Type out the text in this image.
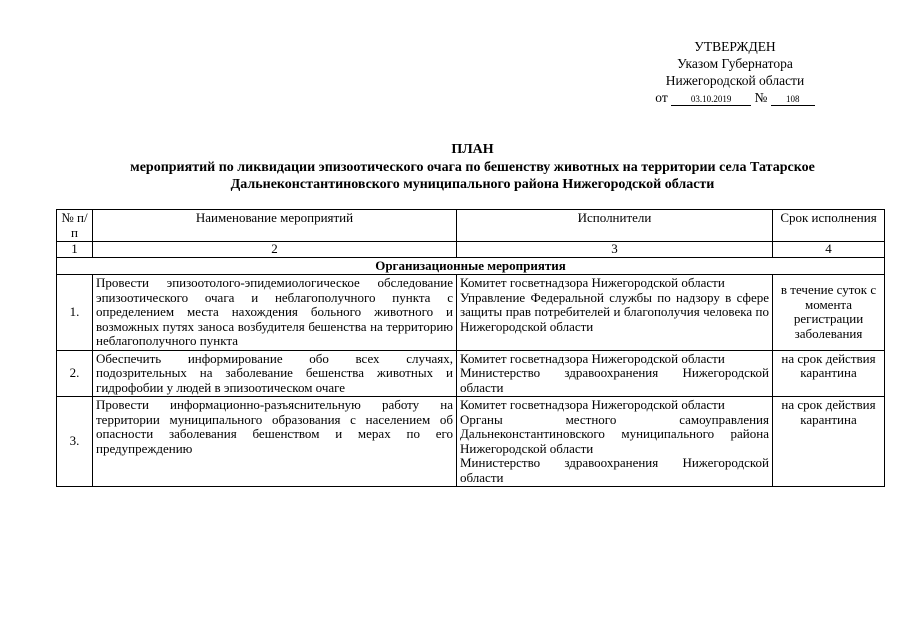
УТВЕРЖДЕН
Указом Губернатора
Нижегородской области
от	03.10.2019 № 108
ПЛАН
мероприятий по ликвидации эпизоотического очага по бешенству животных на территории села Татарское
Дальнеконстантиновского муниципального района Нижегородской области
№ п/п	Наименование мероприятий	Исполнители	Срок исполнения
1	2	3	4
Организационные мероприятия			
1.	Провести эпизоотолого-эпидемиологическое обследование эпизоотического очага и неблагополучного пункта с определением места нахождения больного животного и возможных путях заноса возбудителя бешенства на территорию неблагополучного пункта	Комитет госветнадзора Нижегородской области
Управление Федеральной службы по надзору в сфере защиты прав потребителей и благополучия человека по Нижегородской области	в течение суток с момента регистрации заболевания
2.	Обеспечить информирование обо всех случаях, подозрительных на заболевание бешенства животных и гидрофобии у людей в эпизоотическом очаге	Комитет госветнадзора Нижегородской области
Министерство здравоохранения Нижегородской области	на срок действия карантина
3.	Провести информационно-разъяснительную работу на территории муниципального образования с населением об опасности заболевания бешенством и мерах по его предупреждению	Комитет госветнадзора Нижегородской области
Органы местного самоуправления Дальнеконстантиновского муниципального района Нижегородской области
Министерство здравоохранения Нижегородской области	на срок действия карантина
